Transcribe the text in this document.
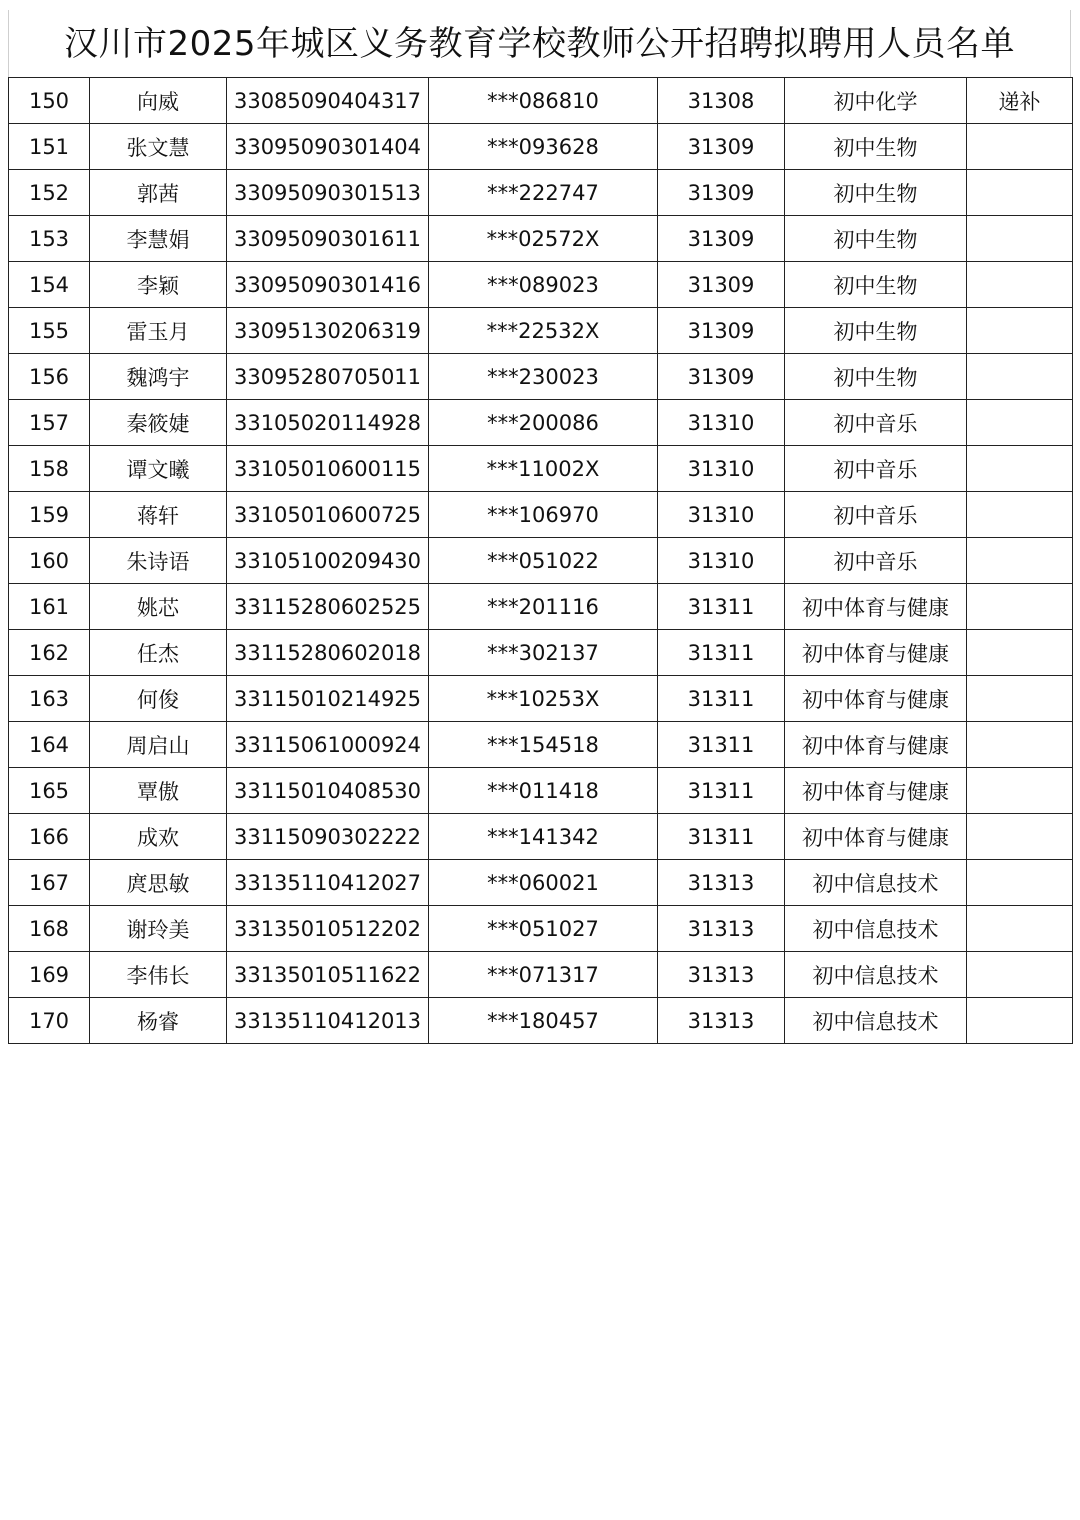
汉川市2025年城区义务教育学校教师公开招聘拟聘用人员名单
150	向威	33085090404317	***086810	31308	初中化学	递补
151	张文慧	33095090301404	***093628	31309	初中生物	
152	郭茜	33095090301513	***222747	31309	初中生物	
153	李慧娟	33095090301611	***02572X	31309	初中生物	
154	李颖	33095090301416	***089023	31309	初中生物	
155	雷玉月	33095130206319	***22532X	31309	初中生物	
156	魏鸿宇	33095280705011	***230023	31309	初中生物	
157	秦筱婕	33105020114928	***200086	31310	初中音乐	
158	谭文曦	33105010600115	***11002X	31310	初中音乐	
159	蒋轩	33105010600725	***106970	31310	初中音乐	
160	朱诗语	33105100209430	***051022	31310	初中音乐	
161	姚芯	33115280602525	***201116	31311	初中体育与健康	
162	任杰	33115280602018	***302137	31311	初中体育与健康	
163	何俊	33115010214925	***10253X	31311	初中体育与健康	
164	周启山	33115061000924	***154518	31311	初中体育与健康	
165	覃傲	33115010408530	***011418	31311	初中体育与健康	
166	成欢	33115090302222	***141342	31311	初中体育与健康	
167	庹思敏	33135110412027	***060021	31313	初中信息技术	
168	谢玲美	33135010512202	***051027	31313	初中信息技术	
169	李伟长	33135010511622	***071317	31313	初中信息技术	
170	杨睿	33135110412013	***180457	31313	初中信息技术	
